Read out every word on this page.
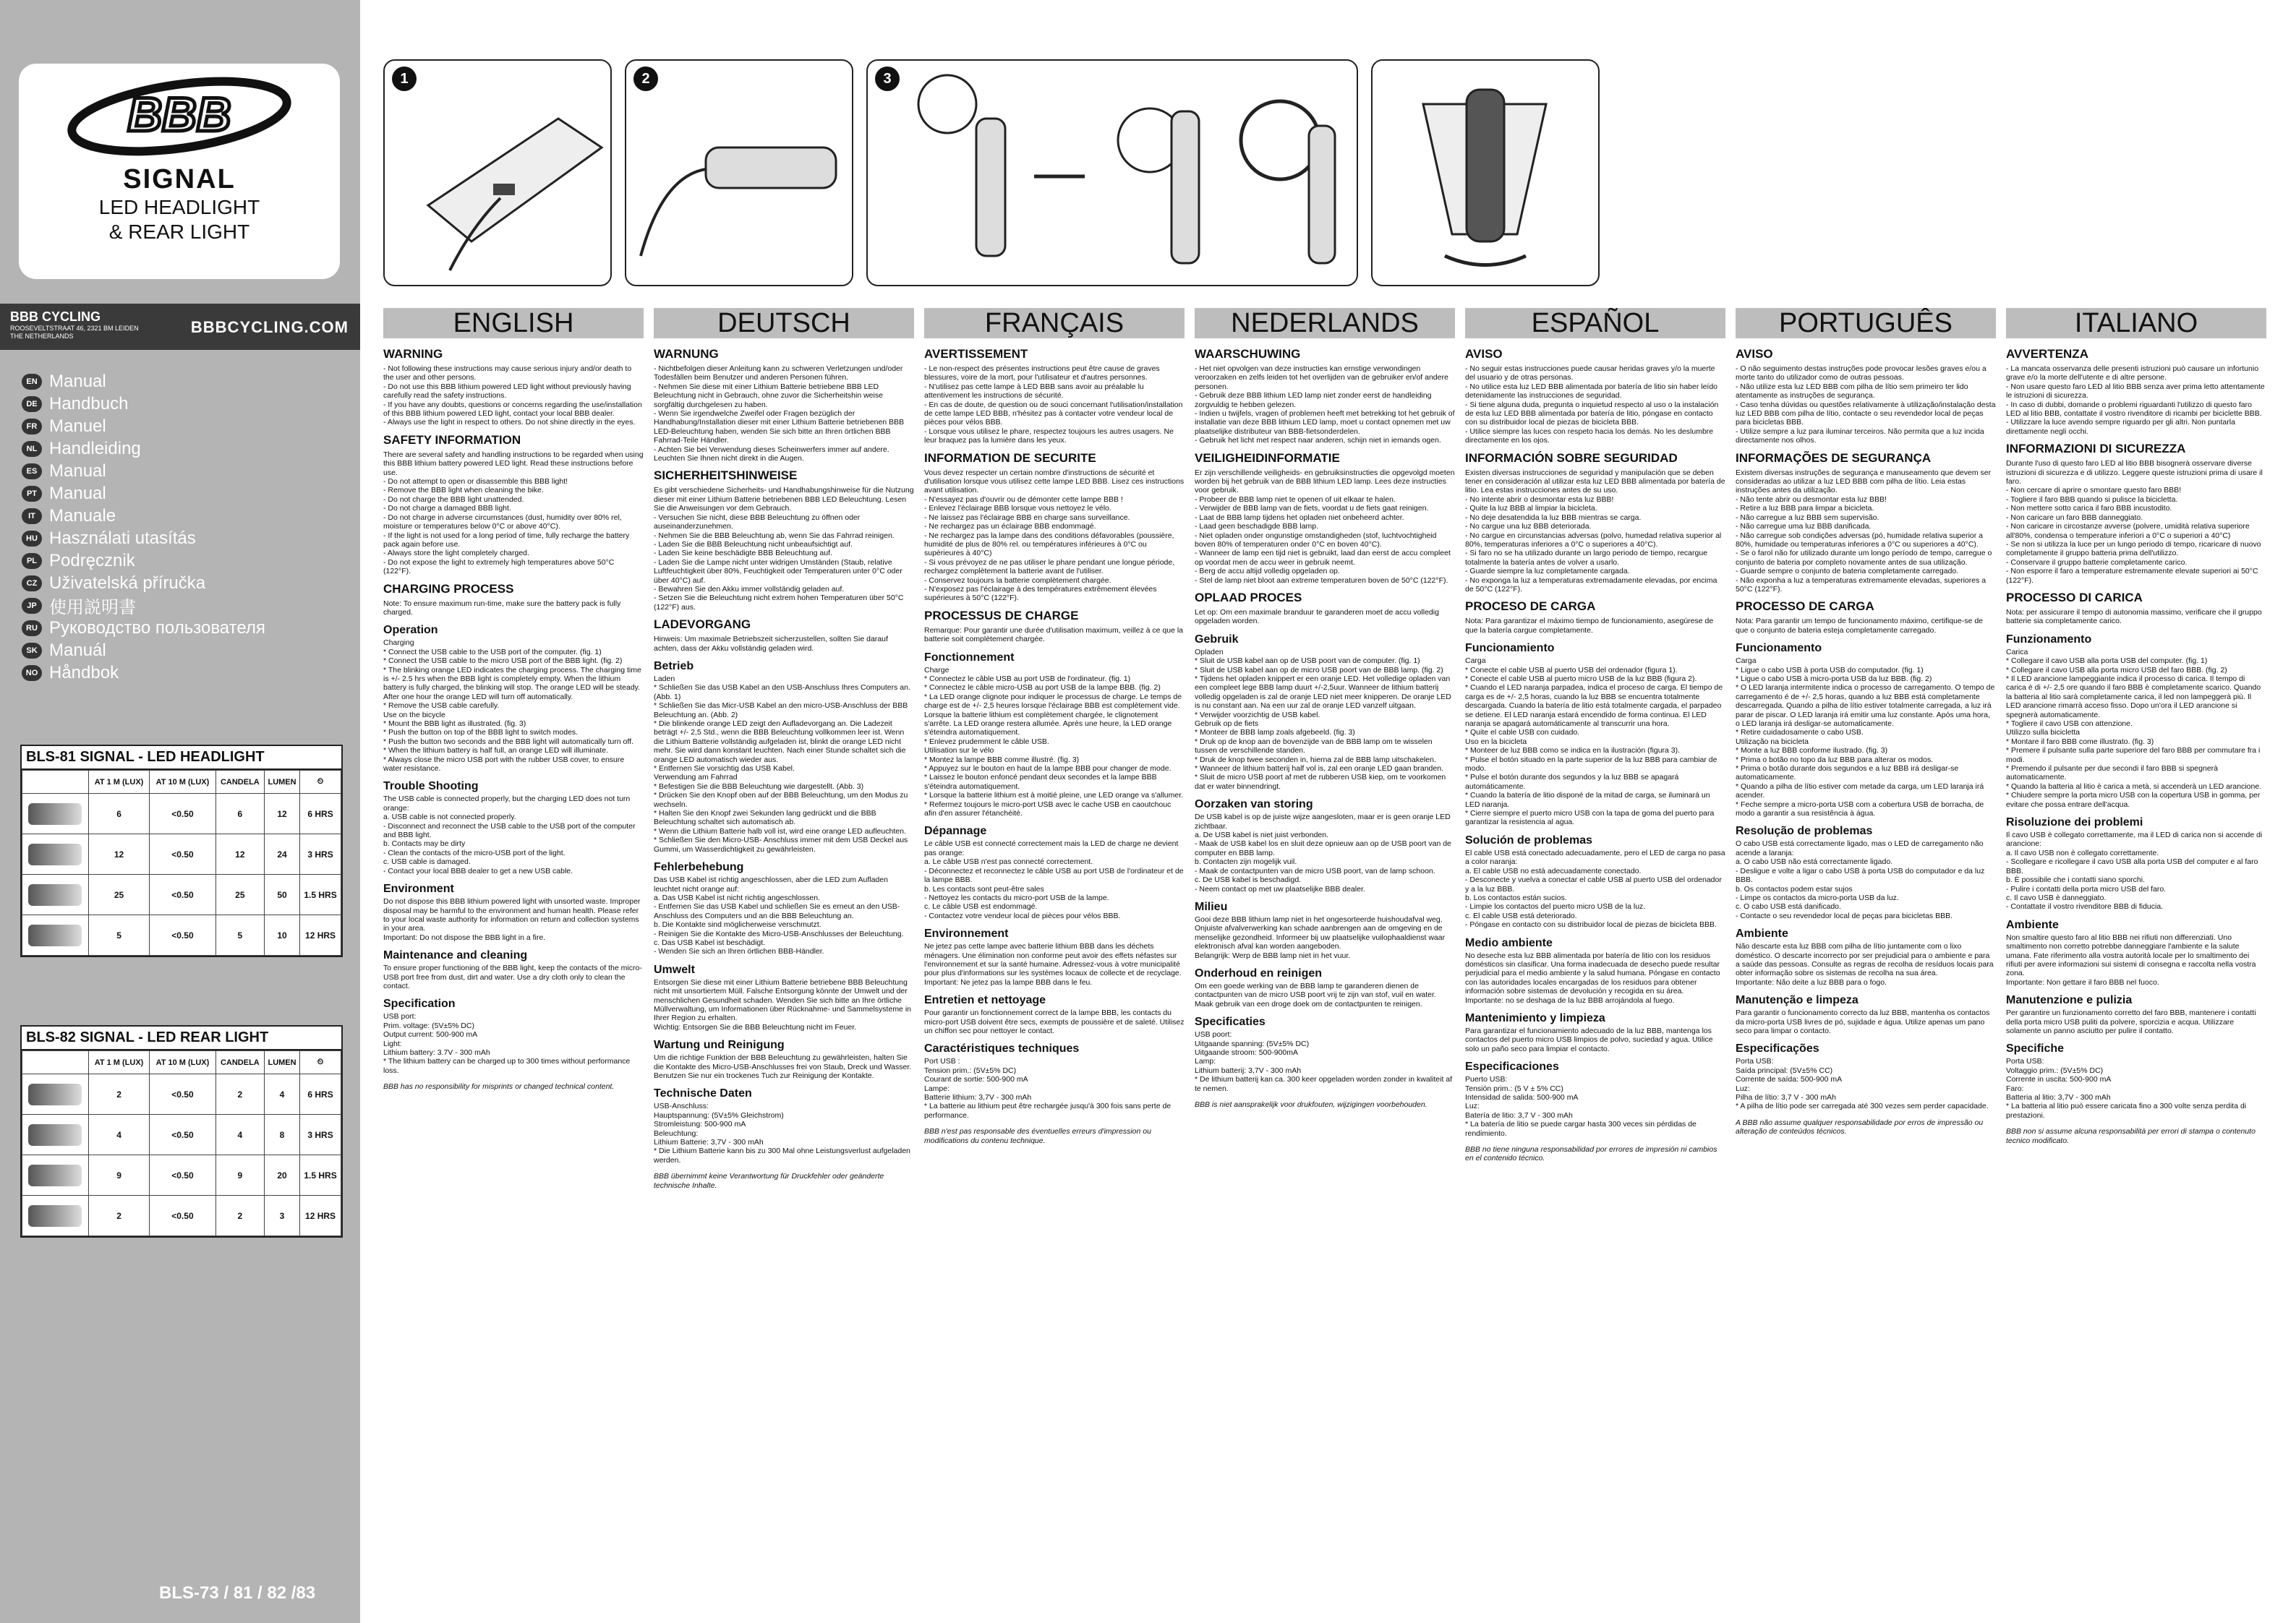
BBB
SIGNAL
LED HEADLIGHT
& REAR LIGHT
BBB CYCLING
ROOSEVELTSTRAAT 46, 2321 BM LEIDEN
THE NETHERLANDS	BBBCYCLING.COM
EN Manual
DE Handbuch
FR Manuel
NL Handleiding
ES Manual
PT Manual
IT Manuale
HU Használati utasítás
PL Podręcznik
CZ Uživatelská příručka
JP 使用説明書
RU Руководство пользователя
SK Manuál
NO Håndbok
BLS-81 SIGNAL - LED HEADLIGHT
	AT 1 M (LUX)	AT 10 M (LUX)	CANDELA	LUMEN	⏲

	6	<0.50	6	12	6 HRS

	12	<0.50	12	24	3 HRS

	25	<0.50	25	50	1.5 HRS

	5	<0.50	5	10	12 HRS
BLS-82 SIGNAL - LED REAR LIGHT
	AT 1 M (LUX)	AT 10 M (LUX)	CANDELA	LUMEN	⏲

	2	<0.50	2	4	6 HRS

	4	<0.50	4	8	3 HRS

	9	<0.50	9	20	1.5 HRS

	2	<0.50	2	3	12 HRS
BLS-73 / 81 / 82 /83
1	2	3
ENGLISH
WARNING

- Not following these instructions may cause serious injury and/or death to the user and other persons.

- Do not use this BBB lithium powered LED light without previously having carefully read the safety instructions.

- If you have any doubts, questions or concerns regarding the use/installation of this BBB lithium powered LED light, contact your local BBB dealer.

- Always use the light in respect to others. Do not shine directly in the eyes.

SAFETY INFORMATION

There are several safety and handling instructions to be regarded when using this BBB lithium battery powered LED light. Read these instructions before use.

- Do not attempt to open or disassemble this BBB light!

- Remove the BBB light when cleaning the bike.

- Do not charge the BBB light unattended.

- Do not charge a damaged BBB light.

- Do not charge in adverse circumstances (dust, humidity over 80% rel, moisture or temperatures below 0°C or above 40°C).

- If the light is not used for a long period of time, fully recharge the battery pack again before use.

- Always store the light completely charged.

- Do not expose the light to extremely high temperatures above 50°C (122°F).

CHARGING PROCESS

Note: To ensure maximum run-time, make sure the battery pack is fully charged.

Operation

Charging

* Connect the USB cable to the USB port of the computer. (fig. 1)

* Connect the USB cable to the micro USB port of the BBB light. (fig. 2)

* The blinking orange LED indicates the charging process. The charging time is +/- 2.5 hrs when the BBB light is completely empty. When the lithium battery is fully charged, the blinking will stop. The orange LED will be steady. After one hour the orange LED will turn off automatically.

* Remove the USB cable carefully.

Use on the bicycle

* Mount the BBB light as illustrated. (fig. 3)

* Push the button on top of the BBB light to switch modes.

* Push the button two seconds and the BBB light will automatically turn off.

* When the lithium battery is half full, an orange LED will illuminate.

* Always close the micro USB port with the rubber USB cover, to ensure water resistance.

Trouble Shooting

The USB cable is connected properly, but the charging LED does not turn orange:

a. USB cable is not connected properly.

- Disconnect and reconnect the USB cable to the USB port of the computer and BBB light.

b. Contacts may be dirty

- Clean the contacts of the micro-USB port of the light.

c. USB cable is damaged.

- Contact your local BBB dealer to get a new USB cable.

Environment

Do not dispose this BBB lithium powered light with unsorted waste. Improper disposal may be harmful to the environment and human health. Please refer to your local waste authority for information on return and collection systems in your area.

Important: Do not dispose the BBB light in a fire.

Maintenance and cleaning

To ensure proper functioning of the BBB light, keep the contacts of the micro-USB port free from dust, dirt and water. Use a dry cloth only to clean the contact.

Specification

USB port:

Prim. voltage: (5V±5% DC)

Output current: 500-900 mA

Light:

Lithium battery: 3.7V - 300 mAh

* The lithium battery can be charged up to 300 times without performance loss.

BBB has no responsibility for misprints or changed technical content.

DEUTSCH
WARNUNG

- Nichtbefolgen dieser Anleitung kann zu schweren Verletzungen und/oder Todesfällen beim Benutzer und anderen Personen führen.

- Nehmen Sie diese mit einer Lithium Batterie betriebene BBB LED Beleuchtung nicht in Gebrauch, ohne zuvor die Sicherheitshin weise sorgfältig durchgelesen zu haben.

- Wenn Sie irgendwelche Zweifel oder Fragen bezüglich der Handhabung/Installation dieser mit einer Lithium Batterie betriebenen BBB LED-Beleuchtung haben, wenden Sie sich bitte an Ihren örtlichen BBB Fahrrad-Teile Händler.

- Achten Sie bei Verwendung dieses Scheinwerfers immer auf andere. Leuchten Sie Ihnen nicht direkt in die Augen.

SICHERHEITSHINWEISE

Es gibt verschiedene Sicherheits- und Handhabungshinweise für die Nutzung dieser mit einer Lithium Batterie betriebenen BBB LED Beleuchtung. Lesen Sie die Anweisungen vor dem Gebrauch.

- Versuchen Sie nicht, diese BBB Beleuchtung zu öffnen oder auseinanderzunehmen.

- Nehmen Sie die BBB Beleuchtung ab, wenn Sie das Fahrrad reinigen.

- Laden Sie die BBB Beleuchtung nicht unbeaufsichtigt auf.

- Laden Sie keine beschädigte BBB Beleuchtung auf.

- Laden Sie die Lampe nicht unter widrigen Umständen (Staub, relative Luftfeuchtigkeit über 80%, Feuchtigkeit oder Temperaturen unter 0°C oder über 40°C) auf.

- Bewahren Sie den Akku immer vollständig geladen auf.

- Setzen Sie die Beleuchtung nicht extrem hohen Temperaturen über 50°C (122°F) aus.

LADEVORGANG

Hinweis: Um maximale Betriebszeit sicherzustellen, sollten Sie darauf achten, dass der Akku vollständig geladen wird.

Betrieb

Laden

* Schließen Sie das USB Kabel an den USB-Anschluss Ihres Computers an. (Abb. 1)

* Schließen Sie das Micr-USB Kabel an den micro-USB-Anschluss der BBB Beleuchtung an. (Abb. 2)

* Die blinkende orange LED zeigt den Aufladevorgang an. Die Ladezeit beträgt +/- 2,5 Std., wenn die BBB Beleuchtung vollkommen leer ist. Wenn die Lithium Batterie vollständig aufgeladen ist, blinkt die orange LED nicht mehr. Sie wird dann konstant leuchten. Nach einer Stunde schaltet sich die orange LED automatisch wieder aus.

* Entfernen Sie vorsichtig das USB Kabel.

Verwendung am Fahrrad

* Befestigen Sie die BBB Beleuchtung wie dargestellt. (Abb. 3)

* Drücken Sie den Knopf oben auf der BBB Beleuchtung, um den Modus zu wechseln.

* Halten Sie den Knopf zwei Sekunden lang gedrückt und die BBB Beleuchtung schaltet sich automatisch ab.

* Wenn die Lithium Batterie halb voll ist, wird eine orange LED aufleuchten.

* Schließen Sie den Micro-USB- Anschluss immer mit dem USB Deckel aus Gummi, um Wasserdichtigkeit zu gewährleisten.

Fehlerbehebung

Das USB Kabel ist richtig angeschlossen, aber die LED zum Aufladen leuchtet nicht orange auf:

a. Das USB Kabel ist nicht richtig angeschlossen.

- Entfernen Sie das USB Kabel und schließen Sie es erneut an den USB-Anschluss des Computers und an die BBB Beleuchtung an.

b. Die Kontakte sind möglicherweise verschmutzt.

- Reinigen Sie die Kontakte des Micro-USB-Anschlusses der Beleuchtung.

c. Das USB Kabel ist beschädigt.

- Wenden Sie sich an Ihren örtlichen BBB-Händler.

Umwelt

Entsorgen Sie diese mit einer Lithium Batterie betriebene BBB Beleuchtung nicht mit unsortiertem Müll. Falsche Entsorgung könnte der Umwelt und der menschlichen Gesundheit schaden. Wenden Sie sich bitte an Ihre örtliche Müllverwaltung, um Informationen über Rücknahme- und Sammelsysteme in Ihrer Region zu erhalten.

Wichtig: Entsorgen Sie die BBB Beleuchtung nicht im Feuer.

Wartung und Reinigung

Um die richtige Funktion der BBB Beleuchtung zu gewährleisten, halten Sie die Kontakte des Micro-USB-Anschlusses frei von Staub, Dreck und Wasser. Benutzen Sie nur ein trockenes Tuch zur Reinigung der Kontakte.

Technische Daten

USB-Anschluss:

Hauptspannung: (5V±5% Gleichstrom)

Stromleistung: 500-900 mA

Beleuchtung:

Lithium Batterie: 3,7V - 300 mAh

* Die Lithium Batterie kann bis zu 300 Mal ohne Leistungsverlust aufgeladen werden.

BBB übernimmt keine Verantwortung für Druckfehler oder geänderte technische Inhalte.

FRANÇAIS
AVERTISSEMENT

- Le non-respect des présentes instructions peut être cause de graves blessures, voire de la mort, pour l'utilisateur et d'autres personnes.

- N'utilisez pas cette lampe à LED BBB sans avoir au préalable lu attentivement les instructions de sécurité.

- En cas de doute, de question ou de souci concernant l'utilisation/installation de cette lampe LED BBB, n'hésitez pas à contacter votre vendeur local de pièces pour vélos BBB.

- Lorsque vous utilisez le phare, respectez toujours les autres usagers. Ne leur braquez pas la lumière dans les yeux.

INFORMATION DE SECURITE

Vous devez respecter un certain nombre d'instructions de sécurité et d'utilisation lorsque vous utilisez cette lampe LED BBB. Lisez ces instructions avant utilisation.

- N'essayez pas d'ouvrir ou de démonter cette lampe BBB !

- Enlevez l'éclairage BBB lorsque vous nettoyez le vélo.

- Ne laissez pas l'éclairage BBB en charge sans surveillance.

- Ne rechargez pas un éclairage BBB endommagé.

- Ne rechargez pas la lampe dans des conditions défavorables (poussière, humidité de plus de 80% rel. ou températures inférieures à 0°C ou supérieures à 40°C)

- Si vous prévoyez de ne pas utiliser le phare pendant une longue période, rechargez complètement la batterie avant de l'utiliser.

- Conservez toujours la batterie complètement chargée.

- N'exposez pas l'éclairage à des températures extrêmement élevées supérieures à 50°C (122°F).

PROCESSUS DE CHARGE

Remarque: Pour garantir une durée d'utilisation maximum, veillez à ce que la batterie soit complètement chargée.

Fonctionnement

Charge

* Connectez le câble USB au port USB de l'ordinateur. (fig. 1)

* Connectez le câble micro-USB au port USB de la lampe BBB. (fig. 2)

* La LED orange clignote pour indiquer le processus de charge. Le temps de charge est de +/- 2,5 heures lorsque l'éclairage BBB est complètement vide. Lorsque la batterie lithium est complètement chargée, le clignotement s'arrête. La LED orange restera allumée. Après une heure, la LED orange s'éteindra automatiquement.

* Enlevez prudemment le câble USB.

Utilisation sur le vélo

* Montez la lampe BBB comme illustré. (fig. 3)

* Appuyez sur le bouton en haut de la lampe BBB pour changer de mode.

* Laissez le bouton enfoncé pendant deux secondes et la lampe BBB s'éteindra automatiquement.

* Lorsque la batterie lithium est à moitié pleine, une LED orange va s'allumer.

* Refermez toujours le micro-port USB avec le cache USB en caoutchouc afin d'en assurer l'étanchéité.

Dépannage

Le câble USB est connecté correctement mais la LED de charge ne devient pas orange:

a. Le câble USB n'est pas connecté correctement.

- Déconnectez et reconnectez le câble USB au port USB de l'ordinateur et de la lampe BBB.

b. Les contacts sont peut-être sales

- Nettoyez les contacts du micro-port USB de la lampe.

c. Le câble USB est endommagé.

- Contactez votre vendeur local de pièces pour vélos BBB.

Environnement

Ne jetez pas cette lampe avec batterie lithium BBB dans les déchets ménagers. Une élimination non conforme peut avoir des effets néfastes sur l'environnement et sur la santé humaine. Adressez-vous à votre municipalité pour plus d'informations sur les systèmes locaux de collecte et de recyclage.

Important: Ne jetez pas la lampe BBB dans le feu.

Entretien et nettoyage

Pour garantir un fonctionnement correct de la lampe BBB, les contacts du micro-port USB doivent être secs, exempts de poussière et de saleté. Utilisez un chiffon sec pour nettoyer le contact.

Caractéristiques techniques

Port USB :

Tension prim.: (5V±5% DC)

Courant de sortie: 500-900 mA

Lampe:

Batterie lithium: 3,7V - 300 mAh

* La batterie au lithium peut être rechargée jusqu'à 300 fois sans perte de performance.

BBB n'est pas responsable des éventuelles erreurs d'impression ou modifications du contenu technique.

NEDERLANDS
WAARSCHUWING

- Het niet opvolgen van deze instructies kan ernstige verwondingen veroorzaken en zelfs leiden tot het overlijden van de gebruiker en/of andere personen.

- Gebruik deze BBB lithium LED lamp niet zonder eerst de handleiding zorgvuldig te hebben gelezen.

- Indien u twijfels, vragen of problemen heeft met betrekking tot het gebruik of installatie van deze BBB lithium LED lamp, moet u contact opnemen met uw plaatselijke distributeur van BBB-fietsonderdelen.

- Gebruik het licht met respect naar anderen, schijn niet in iemands ogen.

VEILIGHEIDINFORMATIE

Er zijn verschillende veiligheids- en gebruiksinstructies die opgevolgd moeten worden bij het gebruik van de BBB lithium LED lamp. Lees deze instructies voor gebruik.

- Probeer de BBB lamp niet te openen of uit elkaar te halen.

- Verwijder de BBB lamp van de fiets, voordat u de fiets gaat reinigen.

- Laat de BBB lamp tijdens het opladen niet onbeheerd achter.

- Laad geen beschadigde BBB lamp.

- Niet opladen onder ongunstige omstandigheden (stof, luchtvochtigheid boven 80% of temperaturen onder 0°C en boven 40°C).

- Wanneer de lamp een tijd niet is gebruikt, laad dan eerst de accu compleet op voordat men de accu weer in gebruik neemt.

- Berg de accu altijd volledig opgeladen op.

- Stel de lamp niet bloot aan extreme temperaturen boven de 50°C (122°F).

OPLAAD PROCES

Let op: Om een maximale branduur te garanderen moet de accu volledig opgeladen worden.

Gebruik

Opladen

* Sluit de USB kabel aan op de USB poort van de computer. (fig. 1)

* Sluit de USB kabel aan op de micro USB poort van de BBB lamp. (fig. 2)

* Tijdens het opladen knippert er een oranje LED. Het volledige opladen van een compleet lege BBB lamp duurt +/-2,5uur. Wanneer de lithium batterij volledig opgeladen is zal de oranje LED niet meer knipperen. De oranje LED is nu constant aan. Na een uur zal de oranje LED vanzelf uitgaan.

* Verwijder voorzichtig de USB kabel.

Gebruik op de fiets

* Monteer de BBB lamp zoals afgebeeld. (fig. 3)

* Druk op de knop aan de bovenzijde van de BBB lamp om te wisselen tussen de verschillende standen.

* Druk de knop twee seconden in, hierna zal de BBB lamp uitschakelen.

* Wanneer de lithium batterij half vol is, zal een oranje LED gaan branden.

* Sluit de micro USB poort af met de rubberen USB kiep, om te voorkomen dat er water binnendringt.

Oorzaken van storing

De USB kabel is op de juiste wijze aangesloten, maar er is geen oranje LED zichtbaar.

a. De USB kabel is niet juist verbonden.

- Maak de USB kabel los en sluit deze opnieuw aan op de USB poort van de computer en BBB lamp.

b. Contacten zijn mogelijk vuil.

- Maak de contactpunten van de micro USB poort, van de lamp schoon.

c. De USB kabel is beschadigd.

- Neem contact op met uw plaatselijke BBB dealer.

Milieu

Gooi deze BBB lithium lamp niet in het ongesorteerde huishoudafval weg. Onjuiste afvalverwerking kan schade aanbrengen aan de omgeving en de menselijke gezondheid. Informeer bij uw plaatselijke vuilophaaldienst waar elektronisch afval kan worden aangeboden.

Belangrijk: Werp de BBB lamp niet in het vuur.

Onderhoud en reinigen

Om een goede werking van de BBB lamp te garanderen dienen de contactpunten van de micro USB poort vrij te zijn van stof, vuil en water. Maak gebruik van een droge doek om de contactpunten te reinigen.

Specificaties

USB poort:

Uitgaande spanning: (5V±5% DC)

Uitgaande stroom: 500-900mA

Lamp:

Lithium batterij: 3,7V - 300 mAh

* De lithium batterij kan ca. 300 keer opgeladen worden zonder in kwaliteit af te nemen.

BBB is niet aansprakelijk voor drukfouten, wijzigingen voorbehouden.

ESPAÑOL
AVISO

- No seguir estas instrucciones puede causar heridas graves y/o la muerte del usuario y de otras personas.

- No utilice esta luz LED BBB alimentada por batería de litio sin haber leído detenidamente las instrucciones de seguridad.

- Si tiene alguna duda, pregunta o inquietud respecto al uso o la instalación de esta luz LED BBB alimentada por batería de litio, póngase en contacto con su distribuidor local de piezas de bicicleta BBB.

- Utilice siempre las luces con respeto hacia los demás. No les deslumbre directamente en los ojos.

INFORMACIÓN SOBRE SEGURIDAD

Existen diversas instrucciones de seguridad y manipulación que se deben tener en consideración al utilizar esta luz LED BBB alimentada por batería de litio. Lea estas instrucciones antes de su uso.

- No intente abrir o desmontar esta luz BBB!

- Quite la luz BBB al limpiar la bicicleta.

- No deje desatendida la luz BBB mientras se carga.

- No cargue una luz BBB deteriorada.

- No cargue en circunstancias adversas (polvo, humedad relativa superior al 80%, temperaturas inferiores a 0°C o superiores a 40°C).

- Si faro no se ha utilizado durante un largo periodo de tiempo, recargue totalmente la batería antes de volver a usarlo.

- Guarde siempre la luz completamente cargada.

- No exponga la luz a temperaturas extremadamente elevadas, por encima de 50°C (122°F).

PROCESO DE CARGA

Nota: Para garantizar el máximo tiempo de funcionamiento, asegúrese de que la batería cargue completamente.

Funcionamiento

Carga

* Conecte el cable USB al puerto USB del ordenador (figura 1).

* Conecte el cable USB al puerto micro USB de la luz BBB (figura 2).

* Cuando el LED naranja parpadea, indica el proceso de carga. El tiempo de carga es de +/- 2,5 horas, cuando la luz BBB se encuentra totalmente descargada. Cuando la batería de litio está totalmente cargada, el parpadeo se detiene. El LED naranja estará encendido de forma continua. El LED naranja se apagará automáticamente al transcurrir una hora.

* Quite el cable USB con cuidado.

Uso en la bicicleta

* Monteer de luz BBB como se indica en la ilustración (figura 3).

* Pulse el botón situado en la parte superior de la luz BBB para cambiar de modo.

* Pulse el botón durante dos segundos y la luz BBB se apagará automáticamente.

* Cuando la batería de litio disponé de la mitad de carga, se iluminará un LED naranja.

* Cierre siempre el puerto micro USB con la tapa de goma del puerto para garantizar la resistencia al agua.

Solución de problemas

El cable USB está conectado adecuadamente, pero el LED de carga no pasa a color naranja:

a. El cable USB no está adecuadamente conectado.

- Desconecte y vuelva a conectar el cable USB al puerto USB del ordenador y a la luz BBB.

b. Los contactos están sucios.

- Limpie los contactos del puerto micro USB de la luz.

c. El cable USB está deteriorado.

- Póngase en contacto con su distribuidor local de piezas de bicicleta BBB.

Medio ambiente

No deseche esta luz BBB alimentada por batería de litio con los residuos domésticos sin clasificar. Una forma inadecuada de desecho puede resultar perjudicial para el medio ambiente y la salud humana. Póngase en contacto con las autoridades locales encargadas de los residuos para obtener información sobre sistemas de devolución y recogida en su área.

Importante: no se deshaga de la luz BBB arrojándola al fuego.

Mantenimiento y limpieza

Para garantizar el funcionamiento adecuado de la luz BBB, mantenga los contactos del puerto micro USB limpios de polvo, suciedad y agua. Utilice solo un paño seco para limpiar el contacto.

Especificaciones

Puerto USB:

Tensión prim.: (5 V ± 5% CC)

Intensidad de salida: 500-900 mA

Luz:

Batería de litio: 3,7 V - 300 mAh

* La batería de litio se puede cargar hasta 300 veces sin pérdidas de rendimiento.

BBB no tiene ninguna responsabilidad por errores de impresión ni cambios en el contenido técnico.

PORTUGUÊS
AVISO

- O não seguimento destas instruções pode provocar lesões graves e/ou a morte tanto do utilizador como de outras pessoas.

- Não utilize esta luz LED BBB com pilha de lítio sem primeiro ter lido atentamente as instruções de segurança.

- Caso tenha dúvidas ou questões relativamente à utilização/instalação desta luz LED BBB com pilha de lítio, contacte o seu revendedor local de peças para bicicletas BBB.

- Utilize sempre a luz para iluminar terceiros. Não permita que a luz incida directamente nos olhos.

INFORMAÇÕES DE SEGURANÇA

Existem diversas instruções de segurança e manuseamento que devem ser consideradas ao utilizar a luz LED BBB com pilha de lítio. Leia estas instruções antes da utilização.

- Não tente abrir ou desmontar esta luz BBB!

- Retire a luz BBB para limpar a bicicleta.

- Não carregue a luz BBB sem supervisão.

- Não carregue uma luz BBB danificada.

- Não carregue sob condições adversas (pó, humidade relativa superior a 80%, humidade ou temperaturas inferiores a 0°C ou superiores a 40°C).

- Se o farol não for utilizado durante um longo período de tempo, carregue o conjunto de bateria por completo novamente antes de sua utilização.

- Guarde sempre o conjunto de bateria completamente carregado.

- Não exponha a luz a temperaturas extremamente elevadas, superiores a 50°C (122°F).

PROCESSO DE CARGA

Nota: Para garantir um tempo de funcionamento máximo, certifique-se de que o conjunto de bateria esteja completamente carregado.

Funcionamento

Carga

* Ligue o cabo USB à porta USB do computador. (fig. 1)

* Ligue o cabo USB à micro-porta USB da luz BBB. (fig. 2)

* O LED laranja intermitente indica o processo de carregamento. O tempo de carregamento é de +/- 2,5 horas, quando a luz BBB está completamente descarregada. Quando a pilha de lítio estiver totalmente carregada, a luz irá parar de piscar. O LED laranja irá emitir uma luz constante. Após uma hora, o LED laranja irá desligar-se automaticamente.

* Retire cuidadosamente o cabo USB.

Utilização na bicicleta

* Monte a luz BBB conforme ilustrado. (fig. 3)

* Prima o botão no topo da luz BBB para alterar os modos.

* Prima o botão durante dois segundos e a luz BBB irá desligar-se automaticamente.

* Quando a pilha de lítio estiver com metade da carga, um LED laranja irá acender.

* Feche sempre a micro-porta USB com a cobertura USB de borracha, de modo a garantir a sua resistência à água.

Resolução de problemas

O cabo USB está correctamente ligado, mas o LED de carregamento não acende a laranja:

a. O cabo USB não está correctamente ligado.

- Desligue e volte a ligar o cabo USB à porta USB do computador e da luz BBB.

b. Os contactos podem estar sujos

- Limpe os contactos da micro-porta USB da luz.

c. O cabo USB está danificado.

- Contacte o seu revendedor local de peças para bicicletas BBB.

Ambiente

Não descarte esta luz BBB com pilha de lítio juntamente com o lixo doméstico. O descarte incorrecto por ser prejudicial para o ambiente e para a saúde das pessoas. Consulte as regras de recolha de resíduos locais para obter informação sobre os sistemas de recolha na sua área.

Importante: Não deite a luz BBB para o fogo.

Manutenção e limpeza

Para garantir o funcionamento correcto da luz BBB, mantenha os contactos da micro-porta USB livres de pó, sujidade e água. Utilize apenas um pano seco para limpar o contacto.

Especificações

Porta USB:

Saída principal: (5V±5% CC)

Corrente de saída: 500-900 mA

Luz:

Pilha de lítio: 3,7 V - 300 mAh

* A pilha de lítio pode ser carregada até 300 vezes sem perder capacidade.

A BBB não assume qualquer responsabilidade por erros de impressão ou alteração de conteúdos técnicos.

ITALIANO
AVVERTENZA

- La mancata osservanza delle presenti istruzioni può causare un infortunio grave e/o la morte dell'utente e di altre persone.

- Non usare questo faro LED al litio BBB senza aver prima letto attentamente le istruzioni di sicurezza.

- In caso di dubbi, domande o problemi riguardanti l'utilizzo di questo faro LED al litio BBB, contattate il vostro rivenditore di ricambi per biciclette BBB.

- Utilizzare la luce avendo sempre riguardo per gli altri. Non puntarla direttamente negli occhi.

INFORMAZIONI DI SICUREZZA

Durante l'uso di questo faro LED al litio BBB bisognerà osservare diverse istruzioni di sicurezza e di utilizzo. Leggere queste istruzioni prima di usare il faro.

- Non cercare di aprire o smontare questo faro BBB!

- Togliere il faro BBB quando si pulisce la bicicletta.

- Non mettere sotto carica il faro BBB incustodito.

- Non caricare un faro BBB danneggiato.

- Non caricare in circostanze avverse (polvere, umidità relativa superiore all'80%, condensa o temperature inferiori a 0°C o superiori a 40°C)

- Se non si utilizza la luce per un lungo periodo di tempo, ricaricare di nuovo completamente il gruppo batteria prima dell'utilizzo.

- Conservare il gruppo batterie completamente carico.

- Non esporre il faro a temperature estremamente elevate superiori ai 50°C (122°F).

PROCESSO DI CARICA

Nota: per assicurare il tempo di autonomia massimo, verificare che il gruppo batterie sia completamente carico.

Funzionamento

Carica

* Collegare il cavo USB alla porta USB del computer. (fig. 1)

* Collegare il cavo USB alla porta micro USB del faro BBB. (fig. 2)

* Il LED arancione lampeggiante indica il processo di carica. Il tempo di carica è di +/- 2,5 ore quando il faro BBB è completamente scarico. Quando la batteria al litio sarà completamente carica, il led non lampeggerà più. Il LED arancione rimarrà acceso fisso. Dopo un'ora il LED arancione si spegnerà automaticamente.

* Togliere il cavo USB con attenzione.

Utilizzo sulla bicicletta

* Montare il faro BBB come illustrato. (fig. 3)

* Premere il pulsante sulla parte superiore del faro BBB per commutare fra i modi.

* Premendo il pulsante per due secondi il faro BBB si spegnerà automaticamente.

* Quando la batteria al litio è carica a metà, si accenderà un LED arancione.

* Chiudere sempre la porta micro USB con la copertura USB in gomma, per evitare che possa entrare dell'acqua.

Risoluzione dei problemi

Il cavo USB è collegato correttamente, ma il LED di carica non si accende di arancione:

a. Il cavo USB non è collegato correttamente.

- Scollegare e ricollegare il cavo USB alla porta USB del computer e al faro BBB.

b. È possibile che i contatti siano sporchi.

- Pulire i contatti della porta micro USB del faro.

c. Il cavo USB è danneggiato.

- Contattate il vostro rivenditore BBB di fiducia.

Ambiente

Non smaltire questo faro al litio BBB nei rifiuti non differenziati. Uno smaltimento non corretto potrebbe danneggiare l'ambiente e la salute umana. Fate riferimento alla vostra autorità locale per lo smaltimento dei rifiuti per avere informazioni sui sistemi di consegna e raccolta nella vostra zona.

Importante: Non gettare il faro BBB nel fuoco.

Manutenzione e pulizia

Per garantire un funzionamento corretto del faro BBB, mantenere i contatti della porta micro USB puliti da polvere, sporcizia e acqua. Utilizzare solamente un panno asciutto per pulire il contatto.

Specifiche

Porta USB:

Voltaggio prim.: (5V±5% DC)

Corrente in uscita: 500-900 mA

Faro:

Batteria al litio: 3,7V - 300 mAh

* La batteria al litio può essere caricata fino a 300 volte senza perdita di prestazioni.

BBB non si assume alcuna responsabilità per errori di stampa o contenuto tecnico modificato.
